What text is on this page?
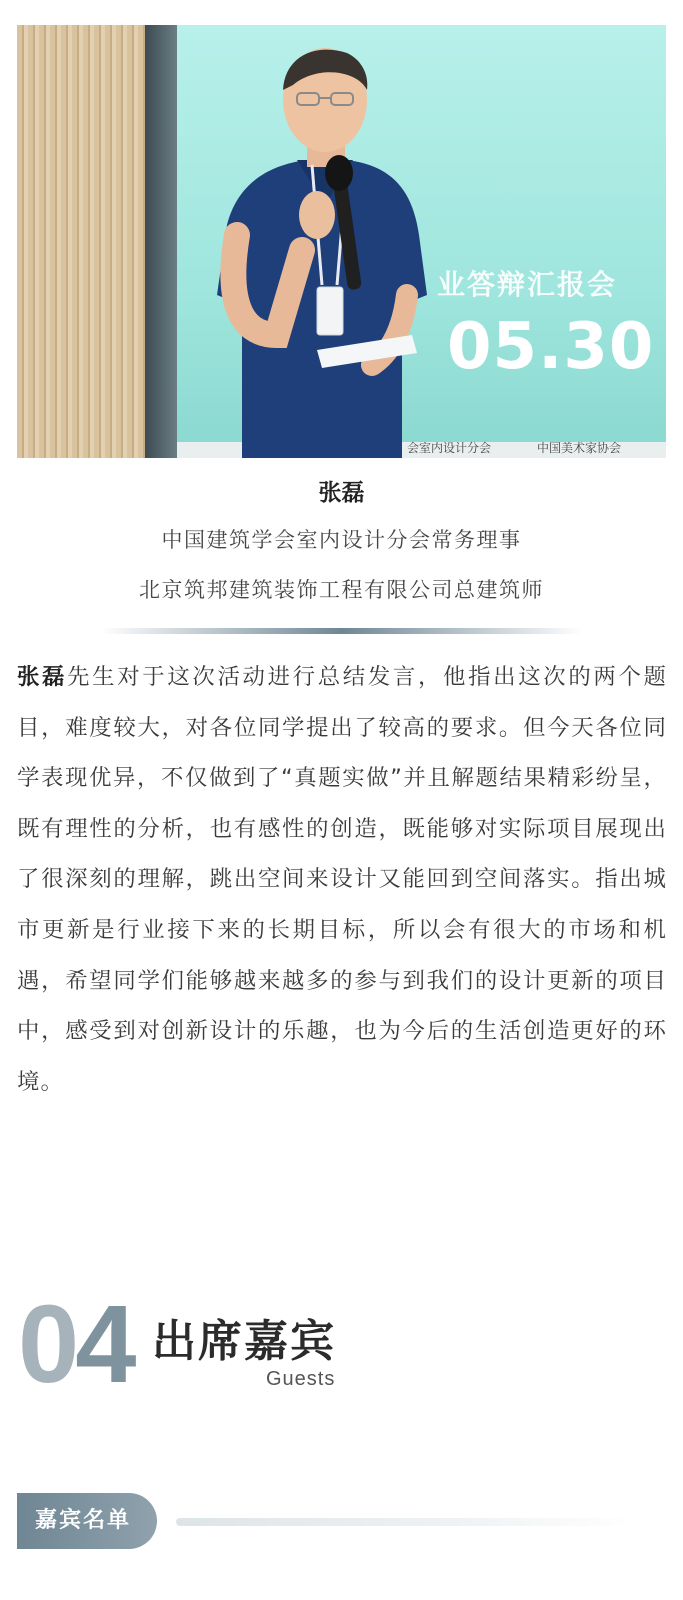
业答辩汇报会
05.30
会室内设计分会	中国美术家协会
张磊
中国建筑学会室内设计分会常务理事
北京筑邦建筑装饰工程有限公司总建筑师
张磊先生对于这次活动进行总结发言，他指出这次的两个题目，难度较大，对各位同学提出了较高的要求。但今天各位同学表现优异，不仅做到了“真题实做”并且解题结果精彩纷呈，既有理性的分析，也有感性的创造，既能够对实际项目展现出了很深刻的理解，跳出空间来设计又能回到空间落实。指出城市更新是行业接下来的长期目标，所以会有很大的市场和机遇，希望同学们能够越来越多的参与到我们的设计更新的项目中，感受到对创新设计的乐趣，也为今后的生活创造更好的环境。
04 出席嘉宾
Guests
嘉宾名单
